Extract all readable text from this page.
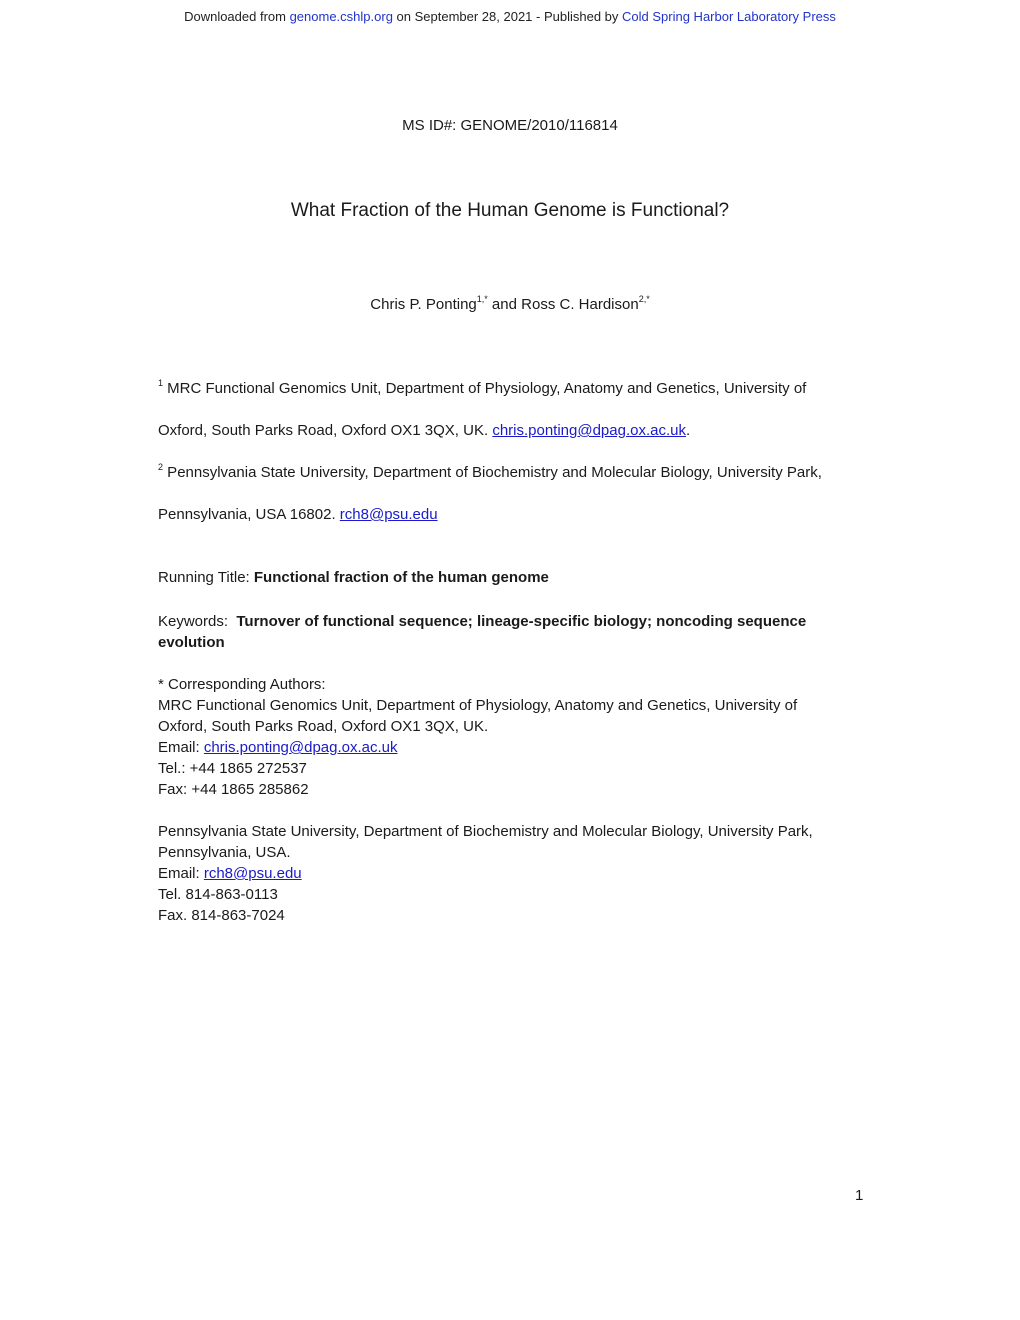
Downloaded from genome.cshlp.org on September 28, 2021 - Published by Cold Spring Harbor Laboratory Press
MS ID#: GENOME/2010/116814
What Fraction of the Human Genome is Functional?
Chris P. Ponting$^{1,*}$ and Ross C. Hardison$^{2,*}$
$^1$ MRC Functional Genomics Unit, Department of Physiology, Anatomy and Genetics, University of
Oxford, South Parks Road, Oxford OX1 3QX, UK. chris.ponting@dpag.ox.ac.uk.
$^2$ Pennsylvania State University, Department of Biochemistry and Molecular Biology, University Park,
Pennsylvania, USA 16802. rch8@psu.edu
Running Title: Functional fraction of the human genome
Keywords:  Turnover of functional sequence; lineage-specific biology; noncoding sequence
evolution
* Corresponding Authors:
MRC Functional Genomics Unit, Department of Physiology, Anatomy and Genetics, University of
Oxford, South Parks Road, Oxford OX1 3QX, UK.
Email: chris.ponting@dpag.ox.ac.uk
Tel.: +44 1865 272537
Fax: +44 1865 285862
Pennsylvania State University, Department of Biochemistry and Molecular Biology, University Park,
Pennsylvania, USA.
Email: rch8@psu.edu
Tel. 814-863-0113
Fax. 814-863-7024
1
